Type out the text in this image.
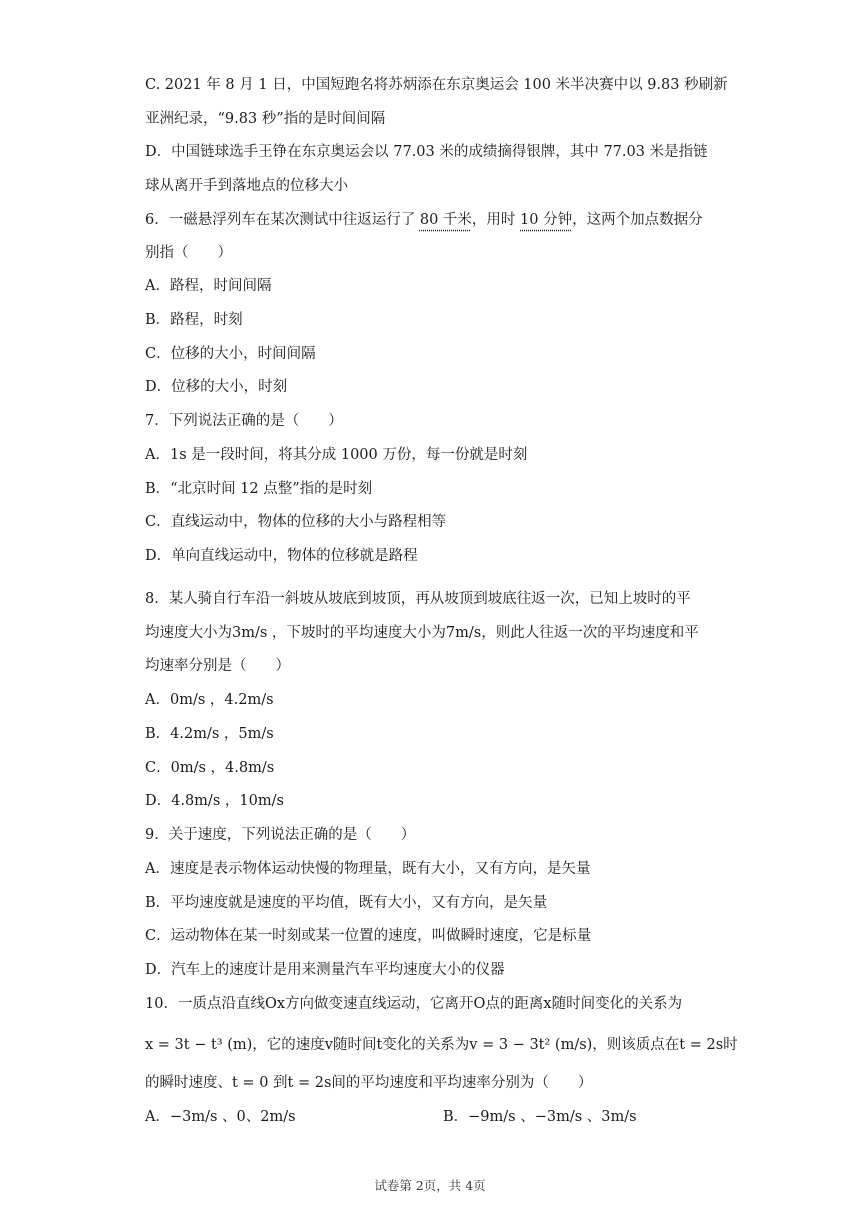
C. 2021 年 8 月 1 日，中国短跑名将苏炳添在东京奥运会 100 米半决赛中以 9.83 秒刷新
亚洲纪录，“9.83 秒”指的是时间间隔
D．中国链球选手王铮在东京奥运会以 77.03 米的成绩摘得银牌，其中 77.03 米是指链
球从离开手到落地点的位移大小
6．一磁悬浮列车在某次测试中往返运行了 80 千米，用时 10 分钟，这两个加点数据分
别指（　　）
A．路程，时间间隔
B．路程，时刻
C．位移的大小，时间间隔
D．位移的大小，时刻
7．下列说法正确的是（　　）
A．1s 是一段时间，将其分成 1000 万份，每一份就是时刻
B．“北京时间 12 点整”指的是时刻
C．直线运动中，物体的位移的大小与路程相等
D．单向直线运动中，物体的位移就是路程
8．某人骑自行车沿一斜坡从坡底到坡顶，再从坡顶到坡底往返一次，已知上坡时的平
均速度大小为3m/s ，下坡时的平均速度大小为7m/s，则此人往返一次的平均速度和平
均速率分别是（　　）
A．0m/s ，4.2m/s
B．4.2m/s ，5m/s
C．0m/s ，4.8m/s
D．4.8m/s ，10m/s
9．关于速度，下列说法正确的是（　　）
A．速度是表示物体运动快慢的物理量，既有大小，又有方向，是矢量
B．平均速度就是速度的平均值，既有大小，又有方向，是矢量
C．运动物体在某一时刻或某一位置的速度，叫做瞬时速度，它是标量
D．汽车上的速度计是用来测量汽车平均速度大小的仪器
10．一质点沿直线Ox方向做变速直线运动，它离开O点的距离x随时间变化的关系为
x = 3t − t³ (m)，它的速度v随时间t变化的关系为v = 3 − 3t² (m/s)，则该质点在t = 2s时
的瞬时速度、t = 0 到t = 2s间的平均速度和平均速率分别为（　　）
A．−3m/s 、0、2m/s	B．−9m/s 、−3m/s 、3m/s
试卷第 2页，共 4页
